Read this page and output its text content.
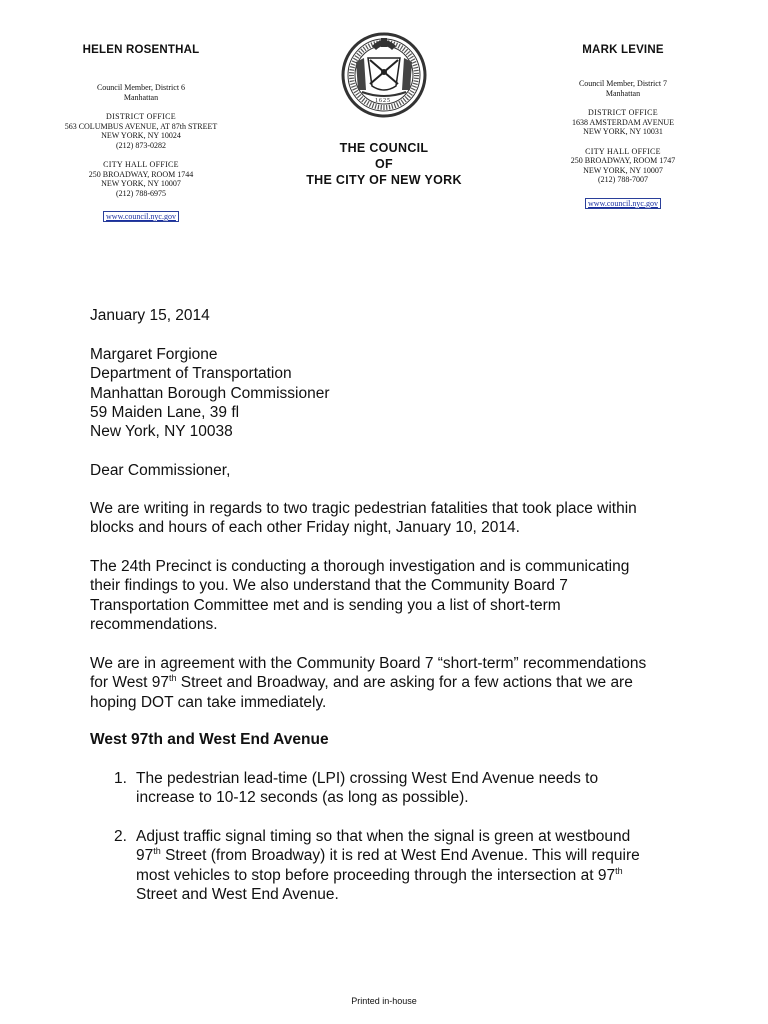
HELEN ROSENTHAL
Council Member, District 6
Manhattan
DISTRICT OFFICE
563 COLUMBUS AVENUE, AT 87th STREET
NEW YORK, NY 10024
(212) 873-0282
CITY HALL OFFICE
250 BROADWAY, ROOM 1744
NEW YORK, NY 10007
(212) 788-6975
www.council.nyc.gov
1625
THE COUNCIL
OF
THE CITY OF NEW YORK
MARK LEVINE
Council Member, District 7
Manhattan
DISTRICT OFFICE
1638 AMSTERDAM AVENUE
NEW YORK, NY 10031
CITY HALL OFFICE
250 BROADWAY, ROOM 1747
NEW YORK, NY 10007
(212) 788-7007
www.council.nyc.gov
January 15, 2014
Margaret Forgione
Department of Transportation
Manhattan Borough Commissioner
59 Maiden Lane, 39 fl
New York, NY 10038
Dear Commissioner,
We are writing in regards to two tragic pedestrian fatalities that took place within
blocks and hours of each other Friday night, January 10, 2014.
The 24th Precinct is conducting a thorough investigation and is communicating
their findings to you. We also understand that the Community Board 7
Transportation Committee met and is sending you a list of short-term
recommendations.
We are in agreement with the Community Board 7 “short-term” recommendations
for West 97th Street and Broadway, and are asking for a few actions that we are
hoping DOT can take immediately.
West 97th and West End Avenue
1. The pedestrian lead-time (LPI) crossing West End Avenue needs to
increase to 10-12 seconds (as long as possible).
2. Adjust traffic signal timing so that when the signal is green at westbound
97th Street (from Broadway) it is red at West End Avenue. This will require
most vehicles to stop before proceeding through the intersection at 97th
Street and West End Avenue.
Printed in-house
